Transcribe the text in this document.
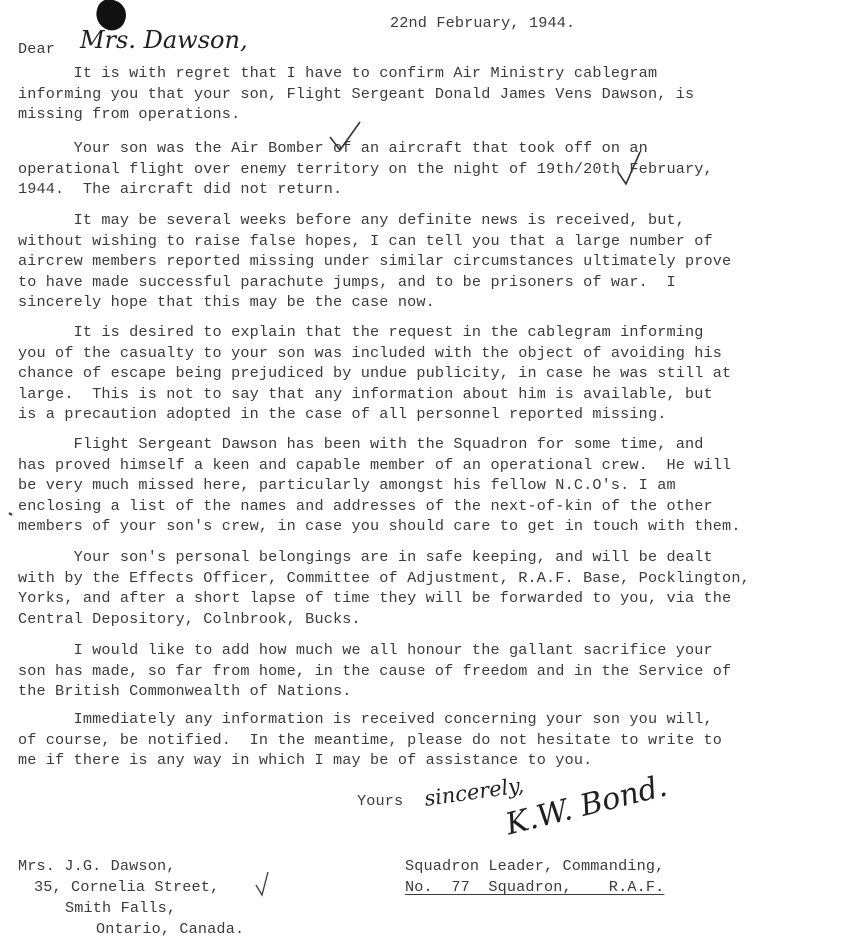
22nd February, 1944.
Dear Mrs. Dawson,
It is with regret that I have to confirm Air Ministry cablegram
informing you that your son, Flight Sergeant Donald James Vens Dawson, is
missing from operations.
Your son was the Air Bomber of an aircraft that took off on an
operational flight over enemy territory on the night of 19th/20th February,
1944.  The aircraft did not return.
It may be several weeks before any definite news is received, but,
without wishing to raise false hopes, I can tell you that a large number of
aircrew members reported missing under similar circumstances ultimately prove
to have made successful parachute jumps, and to be prisoners of war.  I
sincerely hope that this may be the case now.
It is desired to explain that the request in the cablegram informing
you of the casualty to your son was included with the object of avoiding his
chance of escape being prejudiced by undue publicity, in case he was still at
large.  This is not to say that any information about him is available, but
is a precaution adopted in the case of all personnel reported missing.
Flight Sergeant Dawson has been with the Squadron for some time, and
has proved himself a keen and capable member of an operational crew.  He will
be very much missed here, particularly amongst his fellow N.C.O's. I am
enclosing a list of the names and addresses of the next-of-kin of the other
members of your son's crew, in case you should care to get in touch with them.
Your son's personal belongings are in safe keeping, and will be dealt
with by the Effects Officer, Committee of Adjustment, R.A.F. Base, Pocklington,
Yorks, and after a short lapse of time they will be forwarded to you, via the
Central Depository, Colnbrook, Bucks.
I would like to add how much we all honour the gallant sacrifice your
son has made, so far from home, in the cause of freedom and in the Service of
the British Commonwealth of Nations.
Immediately any information is received concerning your son you will,
of course, be notified.  In the meantime, please do not hesitate to write to
me if there is any way in which I may be of assistance to you.
Yours sincerely,
K.W. Bond.
Squadron Leader, Commanding,
No.  77  Squadron,    R.A.F.
Mrs. J.G. Dawson,
35, Cornelia Street,
Smith Falls,
Ontario, Canada.
